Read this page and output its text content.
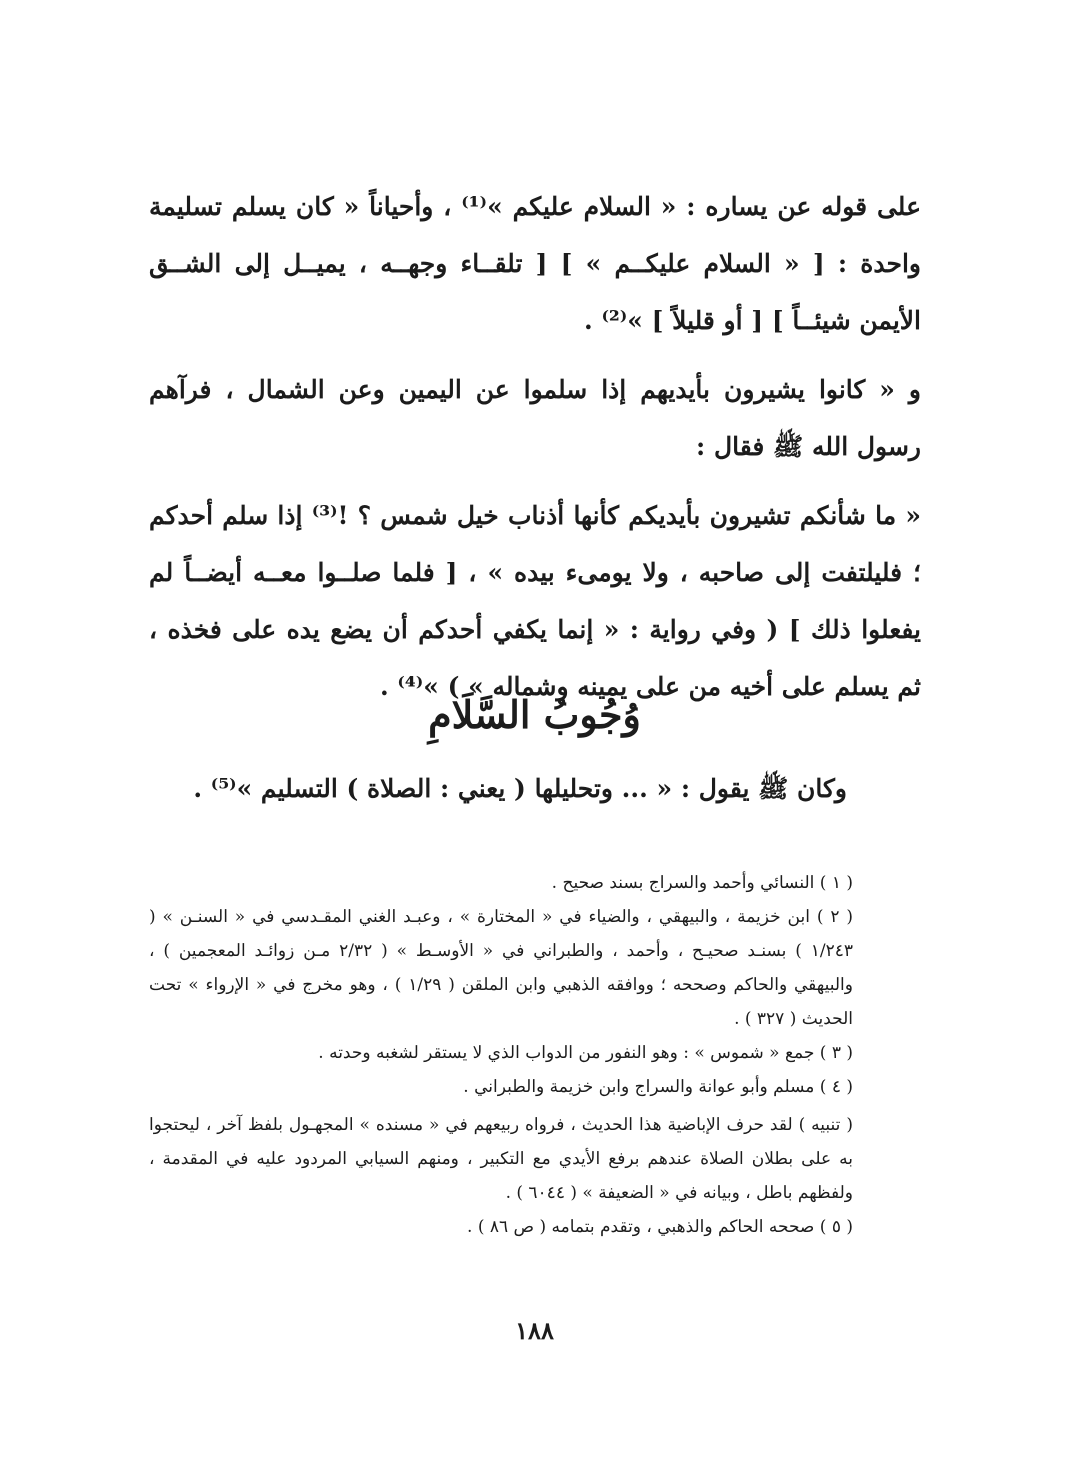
على قوله عن يساره : « السلام عليكم »⁽¹⁾ ، وأحياناً « كان يسلم تسليمة واحدة : [ « السلام عليكــم » ] [ تلقــاء وجهــه ، يميــل إلى الشــق الأيمن شيئــاً ] [ أو قليلاً ] »⁽²⁾ .

و « كانوا يشيرون بأيديهم إذا سلموا عن اليمين وعن الشمال ، فرآهم رسول الله ﷺ فقال :

« ما شأنكم تشيرون بأيديكم كأنها أذناب خيل شمس ؟ !⁽³⁾ إذا سلم أحدكم ؛ فليلتفت إلى صاحبه ، ولا يومىء بيده » ، [ فلما صلــوا معــه أيضــاً لم يفعلوا ذلك ] ( وفي رواية : « إنما يكفي أحدكم أن يضع يده على فخذه ، ثم يسلم على أخيه من على يمينه وشماله » ) »⁽⁴⁾ .

وُجُوبُ السَّلَامِ

وكان ﷺ يقول : « ... وتحليلها ( يعني : الصلاة ) التسليم »⁽⁵⁾ .

( ١ ) النسائي وأحمد والسراج بسند صحيح .

( ٢ ) ابن خزيمة ، والبيهقي ، والضياء في « المختارة » ، وعبـد الغني المقـدسي في « السنـن » ( ١/٢٤٣ ) بسنـد صحيـح ، وأحمد ، والطبراني في « الأوسـط » ( ٢/٣٢ مـن زوائـد المعجمين ) ، والبيهقي والحاكم وصححه ؛ ووافقه الذهبي وابن الملقن ( ١/٢٩ ) ، وهو مخرج في « الإرواء » تحت الحديث ( ٣٢٧ ) .

( ٣ ) جمع « شموس » : وهو النفور من الدواب الذي لا يستقر لشغبه وحدته .

( ٤ ) مسلم وأبو عوانة والسراج وابن خزيمة والطبراني .

( تنبيه ) لقد حرف الإباضية هذا الحديث ، فرواه ربيعهم في « مسنده » المجهـول بلفظ آخر ، ليحتجوا به على بطلان الصلاة عندهم برفع الأيدي مع التكبير ، ومنهم السيابي المردود عليه في المقدمة ، ولفظهم باطل ، وبيانه في « الضعيفة » ( ٦٠٤٤ ) .

( ٥ ) صححه الحاكم والذهبي ، وتقدم بتمامه ( ص ٨٦ ) .

١٨٨
